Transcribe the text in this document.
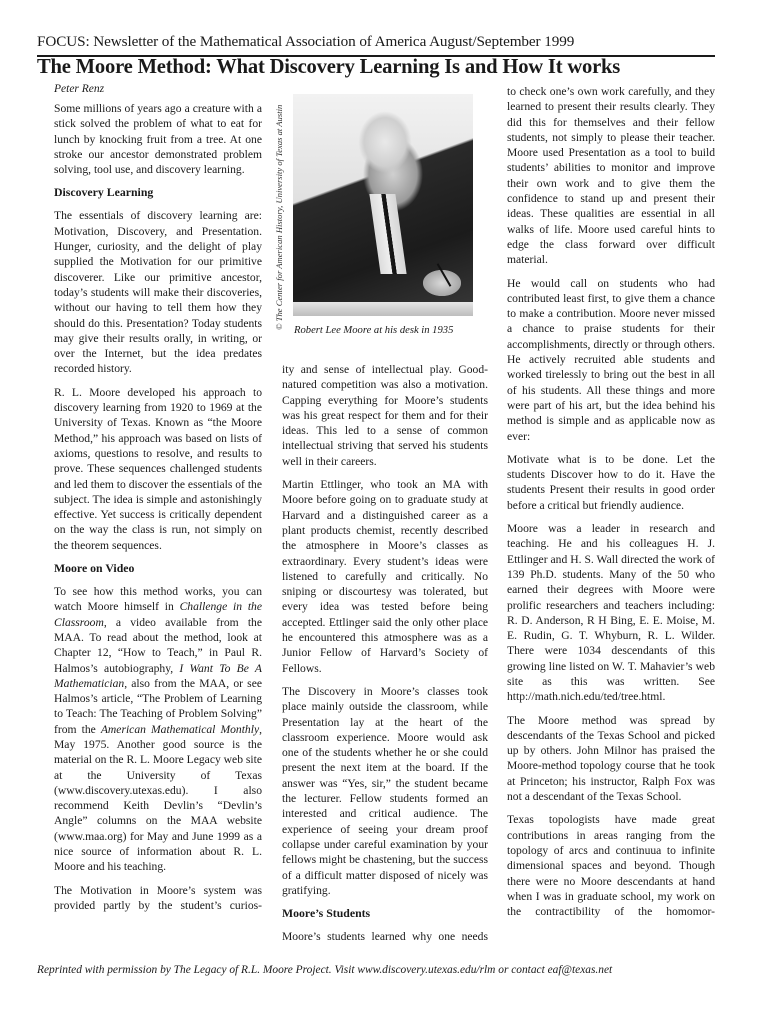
FOCUS: Newsletter of the Mathematical Association of America August/September 1999
The Moore Method: What Discovery Learning Is and How It works
Peter Renz

Some millions of years ago a creature with a stick solved the problem of what to eat for lunch by knocking fruit from a tree. At one stroke our ancestor demonstrated problem solving, tool use, and discovery learning.

Discovery Learning

The essentials of discovery learning are: Motivation, Discovery, and Presentation. Hunger, curiosity, and the delight of play supplied the Motivation for our primitive discoverer. Like our primitive ancestor, today’s students will make their discoveries, without our having to tell them how they should do this. Presentation? Today students may give their results orally, in writing, or over the Internet, but the idea predates recorded history.

R. L. Moore developed his approach to discovery learning from 1920 to 1969 at the University of Texas. Known as “the Moore Method,” his approach was based on lists of axioms, questions to resolve, and results to prove. These sequences challenged students and led them to discover the essentials of the subject. The idea is simple and astonishingly effective. Yet success is critically dependent on the way the class is run, not simply on the theorem sequences.

Moore on Video

To see how this method works, you can watch Moore himself in Challenge in the Classroom, a video available from the MAA. To read about the method, look at Chapter 12, “How to Teach,” in Paul R. Halmos’s autobiography, I Want To Be A Mathematician, also from the MAA, or see Halmos’s article, “The Problem of Learning to Teach: The Teaching of Problem Solving” from the American Mathematical Monthly, May 1975. Another good source is the material on the R. L. Moore Legacy web site at the University of Texas (www.discovery.utexas.edu). I also recommend Keith Devlin’s “Devlin’s Angle” columns on the MAA website (www.maa.org) for May and June 1999 as a nice source of information about R. L. Moore and his teaching.

The Motivation in Moore’s system was provided partly by the student’s curios-

© The Center for American History, University of Texas at Austin
Robert Lee Moore at his desk in 1935

ity and sense of intellectual play. Good-natured competition was also a motivation. Capping everything for Moore’s students was his great respect for them and for their ideas. This led to a sense of common intellectual striving that served his students well in their careers.

Martin Ettlinger, who took an MA with Moore before going on to graduate study at Harvard and a distinguished career as a plant products chemist, recently described the atmosphere in Moore’s classes as extraordinary. Every student’s ideas were listened to carefully and critically. No sniping or discourtesy was tolerated, but every idea was tested before being accepted. Ettlinger said the only other place he encountered this atmosphere was as a Junior Fellow of Harvard’s Society of Fellows.

The Discovery in Moore’s classes took place mainly outside the classroom, while Presentation lay at the heart of the classroom experience. Moore would ask one of the students whether he or she could present the next item at the board. If the answer was “Yes, sir,” the student became the lecturer. Fellow students formed an interested and critical audience. The experience of seeing your dream proof collapse under careful examination by your fellows might be chastening, but the success of a difficult matter disposed of nicely was gratifying.

Moore’s Students

Moore’s students learned why one needs

to check one’s own work carefully, and they learned to present their results clearly. They did this for themselves and their fellow students, not simply to please their teacher. Moore used Presentation as a tool to build students’ abilities to monitor and improve their own work and to give them the confidence to stand up and present their ideas. These qualities are essential in all walks of life. Moore used careful hints to edge the class forward over difficult material.

He would call on students who had contributed least first, to give them a chance to make a contribution. Moore never missed a chance to praise students for their accomplishments, directly or through others. He actively recruited able students and worked tirelessly to bring out the best in all of his students. All these things and more were part of his art, but the idea behind his method is simple and as applicable now as ever:

Motivate what is to be done. Let the students Discover how to do it. Have the students Present their results in good order before a critical but friendly audience.

Moore was a leader in research and teaching. He and his colleagues H. J. Ettlinger and H. S. Wall directed the work of 139 Ph.D. students. Many of the 50 who earned their degrees with Moore were prolific researchers and teachers including: R. D. Anderson, R H Bing, E. E. Moise, M. E. Rudin, G. T. Whyburn, R. L. Wilder. There were 1034 descendants of this growing line listed on W. T. Mahavier’s web site as this was written. See http://math.nich.edu/ted/tree.html.

The Moore method was spread by descendants of the Texas School and picked up by others. John Milnor has praised the Moore-method topology course that he took at Princeton; his instructor, Ralph Fox was not a descendant of the Texas School.

Texas topologists have made great contributions in areas ranging from the topology of arcs and continuua to infinite dimensional spaces and beyond. Though there were no Moore descendants at hand when I was in graduate school, my work on the contractibility of the homomor-

Reprinted with permission by The Legacy of R.L. Moore Project. Visit www.discovery.utexas.edu/rlm or contact eaf@texas.net
